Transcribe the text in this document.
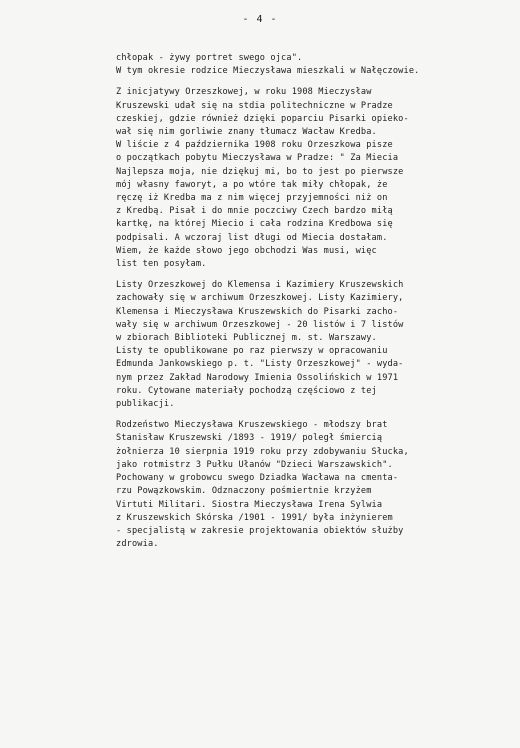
- 4 -
chłopak - żywy portret swego ojca".
W tym okresie rodzice Mieczysława mieszkali w Nałęczowie.
Z inicjatywy Orzeszkowej, w roku 1908 Mieczysław
Kruszewski udał się na stdia politechniczne w Pradze
czeskiej, gdzie również dzięki poparciu Pisarki opieko-
wał się nim gorliwie znany tłumacz Wacław Kredba.
W liście z 4 października 1908 roku Orzeszkowa pisze
o początkach pobytu Mieczysława w Pradze: " Za Miecia
Najlepsza moja, nie dziękuj mi, bo to jest po pierwsze
mój własny faworyt, a po wtóre tak miły chłopak, że
ręczę iż Kredba ma z nim więcej przyjemności niż on
z Kredbą. Pisał i do mnie poczciwy Czech bardzo miłą
kartkę, na której Miecio i cała rodzina Kredbowa się
podpisali. A wczoraj list długi od Miecia dostałam.
Wiem, że każde słowo jego obchodzi Was musi, więc
list ten posyłam.
Listy Orzeszkowej do Klemensa i Kazimiery Kruszewskich
zachowały się w archiwum Orzeszkowej. Listy Kazimiery,
Klemensa i Mieczysława Kruszewskich do Pisarki zacho-
wały się w archiwum Orzeszkowej - 20 listów i 7 listów
w zbiorach Biblioteki Publicznej m. st. Warszawy.
Listy te opublikowane po raz pierwszy w opracowaniu
Edmunda Jankowskiego p. t. "Listy Orzeszkowej" - wyda-
nym przez Zakład Narodowy Imienia Ossolińskich w 1971
roku. Cytowane materiały pochodzą częściowo z tej
publikacji.
Rodzeństwo Mieczysława Kruszewskiego - młodszy brat
Stanisław Kruszewski /1893 - 1919/ poległ śmiercią
żołnierza 10 sierpnia 1919 roku przy zdobywaniu Słucka,
jako rotmistrz 3 Pułku Ułanów "Dzieci Warszawskich".
Pochowany w grobowcu swego Dziadka Wacława na cmenta-
rzu Powązkowskim. Odznaczony pośmiertnie krzyżem
Virtuti Militari. Siostra Mieczysława Irena Sylwia
z Kruszewskich Skórska /1901 - 1991/ była inżynierem
- specjalistą w zakresie projektowania obiektów służby
zdrowia.
